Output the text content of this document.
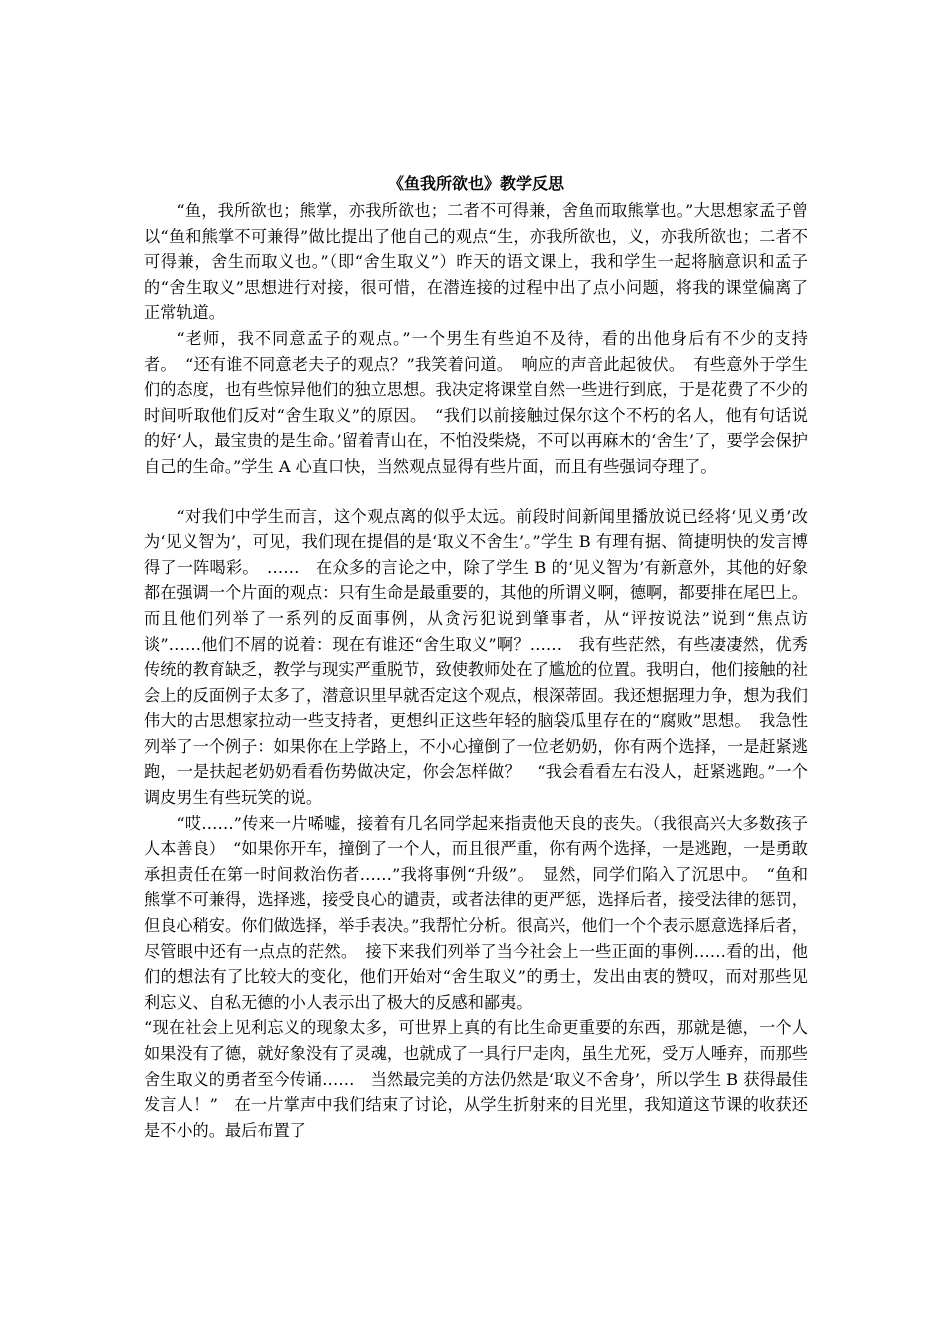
《鱼我所欲也》教学反思

“鱼，我所欲也；熊掌，亦我所欲也；二者不可得兼，舍鱼而取熊掌也。”大思想家孟子曾以“鱼和熊掌不可兼得”做比提出了他自己的观点“生，亦我所欲也，义，亦我所欲也；二者不可得兼，舍生而取义也。”（即“舍生取义”）昨天的语文课上，我和学生一起将脑意识和孟子的“舍生取义”思想进行对接，很可惜，在潜连接的过程中出了点小问题，将我的课堂偏离了正常轨道。

“老师，我不同意孟子的观点。”一个男生有些迫不及待，看的出他身后有不少的支持者。　“还有谁不同意老夫子的观点？”我笑着问道。　响应的声音此起彼伏。　有些意外于学生们的态度，也有些惊异他们的独立思想。我决定将课堂自然一些进行到底，于是花费了不少的时间听取他们反对“舍生取义”的原因。　“我们以前接触过保尔这个不朽的名人，他有句话说的好‘人，最宝贵的是生命。’留着青山在，不怕没柴烧，不可以再麻木的‘舍生’了，要学会保护自己的生命。”学生 A 心直口快，当然观点显得有些片面，而且有些强词夺理了。

“对我们中学生而言，这个观点离的似乎太远。前段时间新闻里播放说已经将‘见义勇’改为‘见义智为’，可见，我们现在提倡的是‘取义不舍生’。”学生 B 有理有据、简捷明快的发言博得了一阵喝彩。　……　在众多的言论之中，除了学生 B 的‘见义智为’有新意外，其他的好象都在强调一个片面的观点：只有生命是最重要的，其他的所谓义啊，德啊，都要排在尾巴上。而且他们列举了一系列的反面事例，从贪污犯说到肇事者，从“评按说法”说到“焦点访谈”……他们不屑的说着：现在有谁还“舍生取义”啊？……　我有些茫然，有些凄凄然，优秀传统的教育缺乏，教学与现实严重脱节，致使教师处在了尴尬的位置。我明白，他们接触的社会上的反面例子太多了，潜意识里早就否定这个观点，根深蒂固。我还想据理力争，想为我们伟大的古思想家拉动一些支持者，更想纠正这些年轻的脑袋瓜里存在的“腐败”思想。　我急性列举了一个例子：如果你在上学路上，不小心撞倒了一位老奶奶，你有两个选择，一是赶紧逃跑，一是扶起老奶奶看看伤势做决定，你会怎样做？　“我会看看左右没人，赶紧逃跑。”一个调皮男生有些玩笑的说。

“哎……”传来一片唏嘘，接着有几名同学起来指责他天良的丧失。（我很高兴大多数孩子人本善良）　“如果你开车，撞倒了一个人，而且很严重，你有两个选择，一是逃跑，一是勇敢承担责任在第一时间救治伤者……”我将事例“升级”。　显然，同学们陷入了沉思中。　“鱼和熊掌不可兼得，选择逃，接受良心的谴责，或者法律的更严惩，选择后者，接受法律的惩罚，但良心稍安。你们做选择，举手表决。”我帮忙分析。很高兴，他们一个个表示愿意选择后者，尽管眼中还有一点点的茫然。　接下来我们列举了当今社会上一些正面的事例……看的出，他们的想法有了比较大的变化，他们开始对“舍生取义”的勇士，发出由衷的赞叹，而对那些见利忘义、自私无德的小人表示出了极大的反感和鄙夷。

“现在社会上见利忘义的现象太多，可世界上真的有比生命更重要的东西，那就是德，一个人如果没有了德，就好象没有了灵魂，也就成了一具行尸走肉，虽生尤死，受万人唾弃，而那些舍生取义的勇者至今传诵……　当然最完美的方法仍然是‘取义不舍身’，所以学生 B 获得最佳发言人！”　在一片掌声中我们结束了讨论，从学生折射来的目光里，我知道这节课的收获还是不小的。最后布置了
